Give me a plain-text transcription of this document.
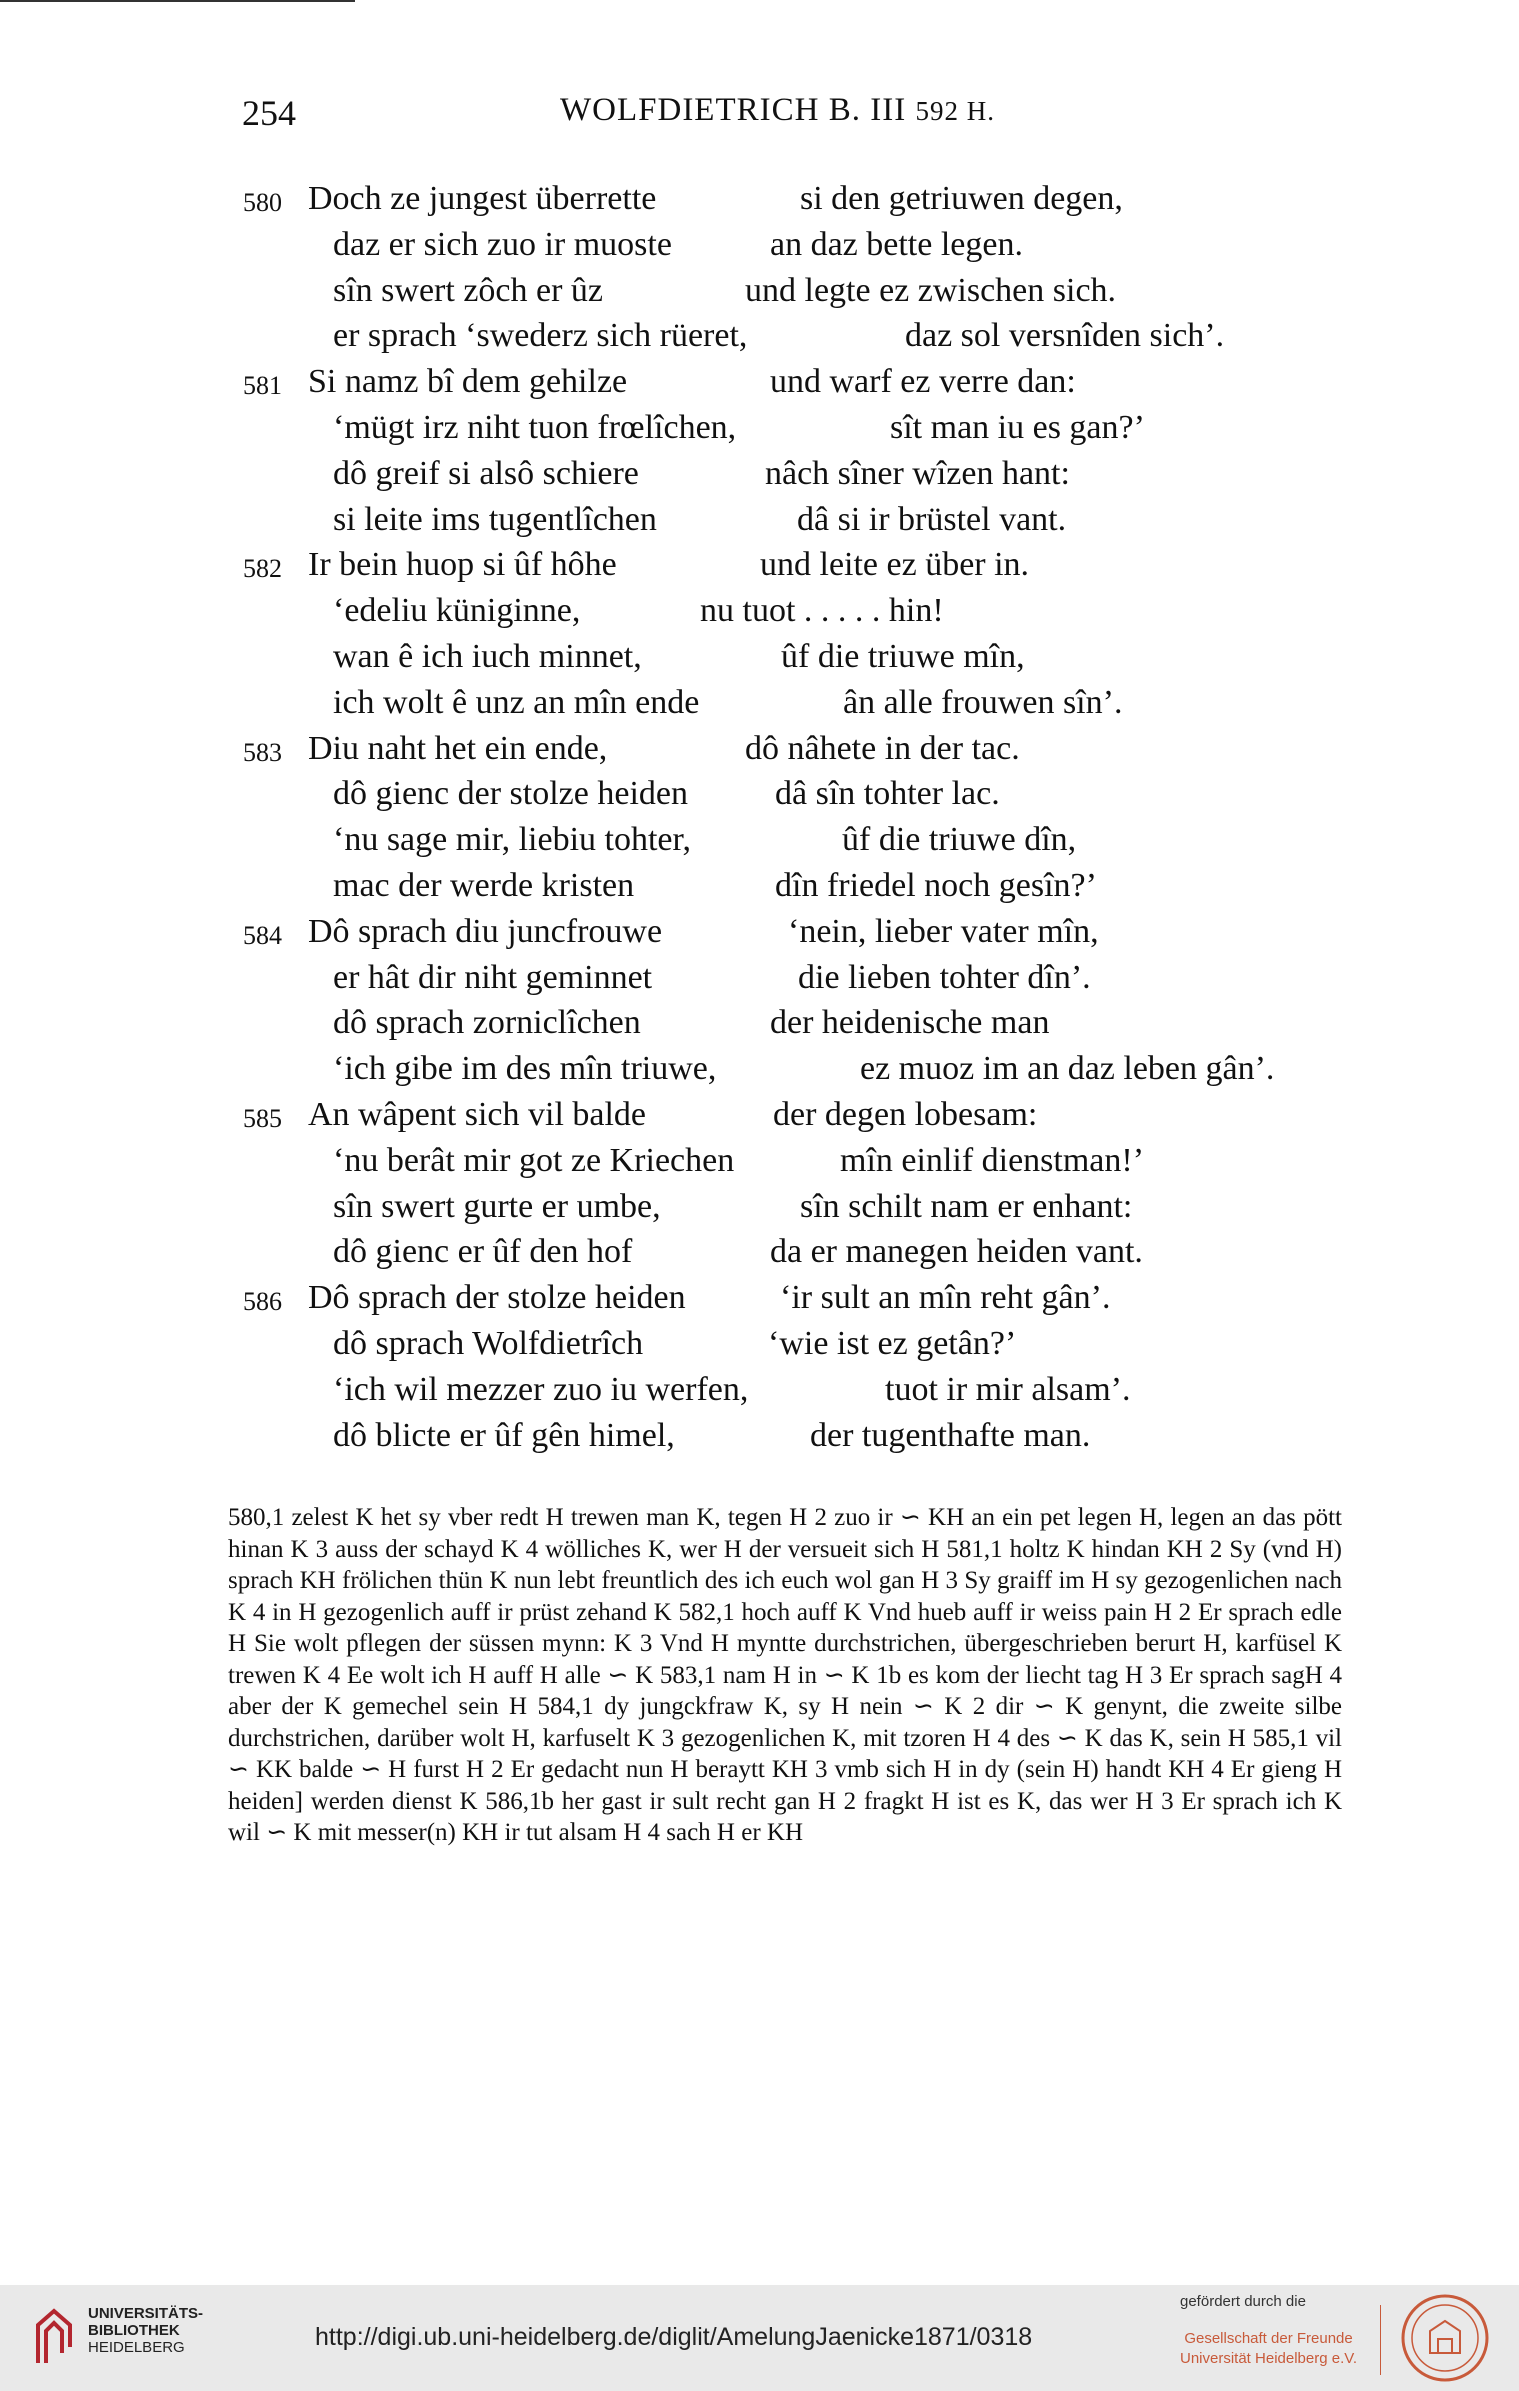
254	WOLFDIETRICH B. III 592 H.
580 Doch ze jungest überrette	si den getriuwen degen,
daz er sich zuo ir muoste	an daz bette legen.
sîn swert zôch er ûz	und legte ez zwischen sich.
er sprach ‘swederz sich rüeret,	daz sol versnîden sich’.
581 Si namz bî dem gehilze	und warf ez verre dan:
‘mügt irz niht tuon frœlîchen,	sît man iu es gan?’
dô greif si alsô schiere	nâch sîner wîzen hant:
si leite ims tugentlîchen	dâ si ir brüstel vant.
582 Ir bein huop si ûf hôhe	und leite ez über in.
‘edeliu küniginne,	nu tuot . . . . . hin!
wan ê ich iuch minnet,	ûf die triuwe mîn,
ich wolt ê unz an mîn ende	ân alle frouwen sîn’.
583 Diu naht het ein ende,	dô nâhete in der tac.
dô gienc der stolze heiden	dâ sîn tohter lac.
‘nu sage mir, liebiu tohter,	ûf die triuwe dîn,
mac der werde kristen	dîn friedel noch gesîn?’
584 Dô sprach diu juncfrouwe	‘nein, lieber vater mîn,
er hât dir niht geminnet	die lieben tohter dîn’.
dô sprach zorniclîchen	der heidenische man
‘ich gibe im des mîn triuwe,	ez muoz im an daz leben gân’.
585 An wâpent sich vil balde	der degen lobesam:
‘nu berât mir got ze Kriechen	mîn einlif dienstman!’
sîn swert gurte er umbe,	sîn schilt nam er enhant:
dô gienc er ûf den hof	da er manegen heiden vant.
586 Dô sprach der stolze heiden	‘ir sult an mîn reht gân’.
dô sprach Wolfdietrîch	‘wie ist ez getân?’
‘ich wil mezzer zuo iu werfen,	tuot ir mir alsam’.
dô blicte er ûf gên himel,	der tugenthafte man.

580,1 zelest K het sy vber redt H trewen man K, tegen H 2 zuo ir ∽ KH an ein pet legen H, legen an das pött hinan K 3 auss der schayd K 4 wölliches K, wer H der versueit sich H 581,1 holtz K hindan KH 2 Sy (vnd H) sprach KH frölichen thün K nun lebt freuntlich des ich euch wol gan H 3 Sy graiff im H sy gezogenlichen nach K 4 in H gezogenlich auff ir prüst zehand K 582,1 hoch auff K Vnd hueb auff ir weiss pain H 2 Er sprach edle H Sie wolt pflegen der süssen mynn: K 3 Vnd H myntte durchstrichen, übergeschrieben berurt H, karfüsel K trewen K 4 Ee wolt ich H auff H alle ∽ K 583,1 nam H in ∽ K 1b es kom der liecht tag H 3 Er sprach sagH 4 aber der K gemechel sein H 584,1 dy jungckfraw K, sy H nein ∽ K 2 dir ∽ K genynt, die zweite silbe durchstrichen, darüber wolt H, karfuselt K 3 gezogenlichen K, mit tzoren H 4 des ∽ K das K, sein H 585,1 vil ∽ KK balde ∽ H furst H 2 Er gedacht nun H beraytt KH 3 vmb sich H in dy (sein H) handt KH 4 Er gieng H heiden] werden dienst K 586,1b her gast ir sult recht gan H 2 fragkt H ist es K, das wer H 3 Er sprach ich K wil ∽ K mit messer(n) KH ir tut alsam H 4 sach H er KH

UNIVERSITÄTS-
BIBLIOTHEK
HEIDELBERG	http://digi.ub.uni-heidelberg.de/diglit/AmelungJaenicke1871/0318
gefördert durch die
Gesellschaft der Freunde
Universität Heidelberg e.V.
